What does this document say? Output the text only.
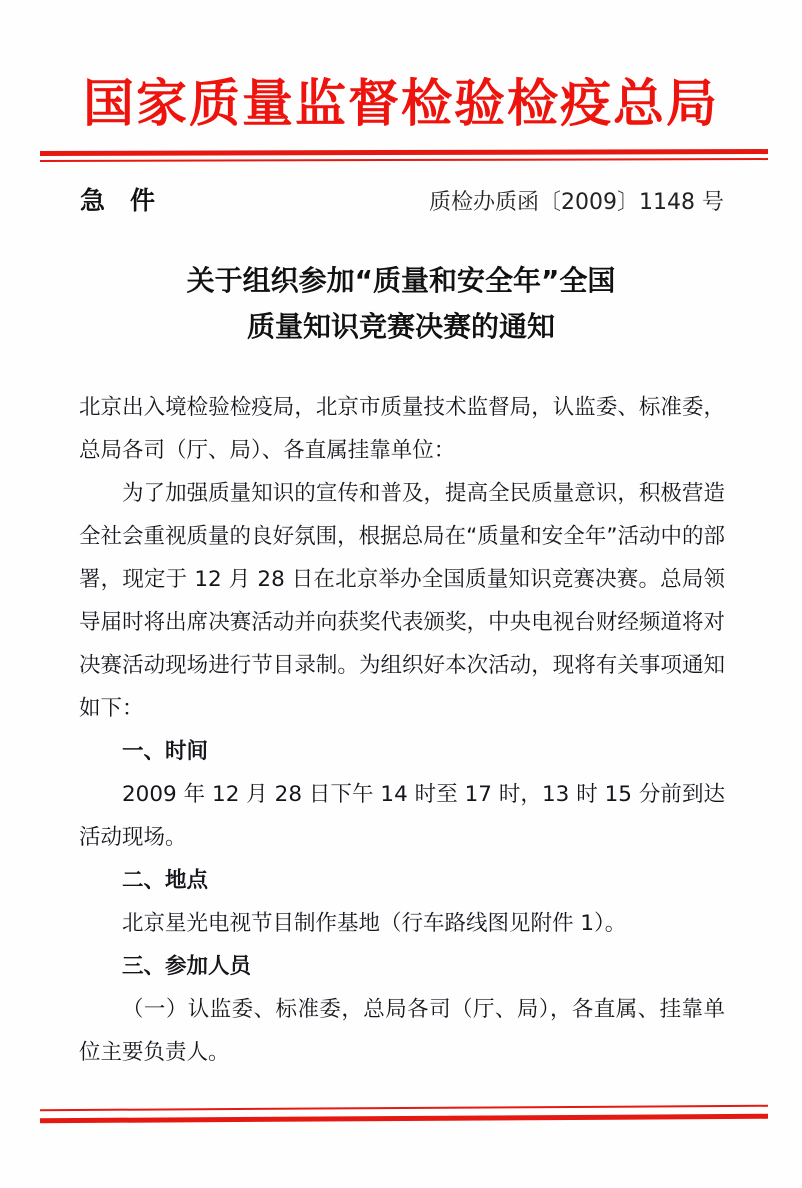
国家质量监督检验检疫总局
急　件	质检办质函〔2009〕1148 号
关于组织参加“质量和安全年”全国
质量知识竞赛决赛的通知

北京出入境检验检疫局，北京市质量技术监督局，认监委、标准委，总局各司（厅、局）、各直属挂靠单位：

为了加强质量知识的宣传和普及，提高全民质量意识，积极营造全社会重视质量的良好氛围，根据总局在“质量和安全年”活动中的部署，现定于 12 月 28 日在北京举办全国质量知识竞赛决赛。总局领导届时将出席决赛活动并向获奖代表颁奖，中央电视台财经频道将对决赛活动现场进行节目录制。为组织好本次活动，现将有关事项通知如下：

一、时间

2009 年 12 月 28 日下午 14 时至 17 时，13 时 15 分前到达活动现场。

二、地点

北京星光电视节目制作基地（行车路线图见附件 1）。

三、参加人员

（一）认监委、标准委，总局各司（厅、局），各直属、挂靠单位主要负责人。
